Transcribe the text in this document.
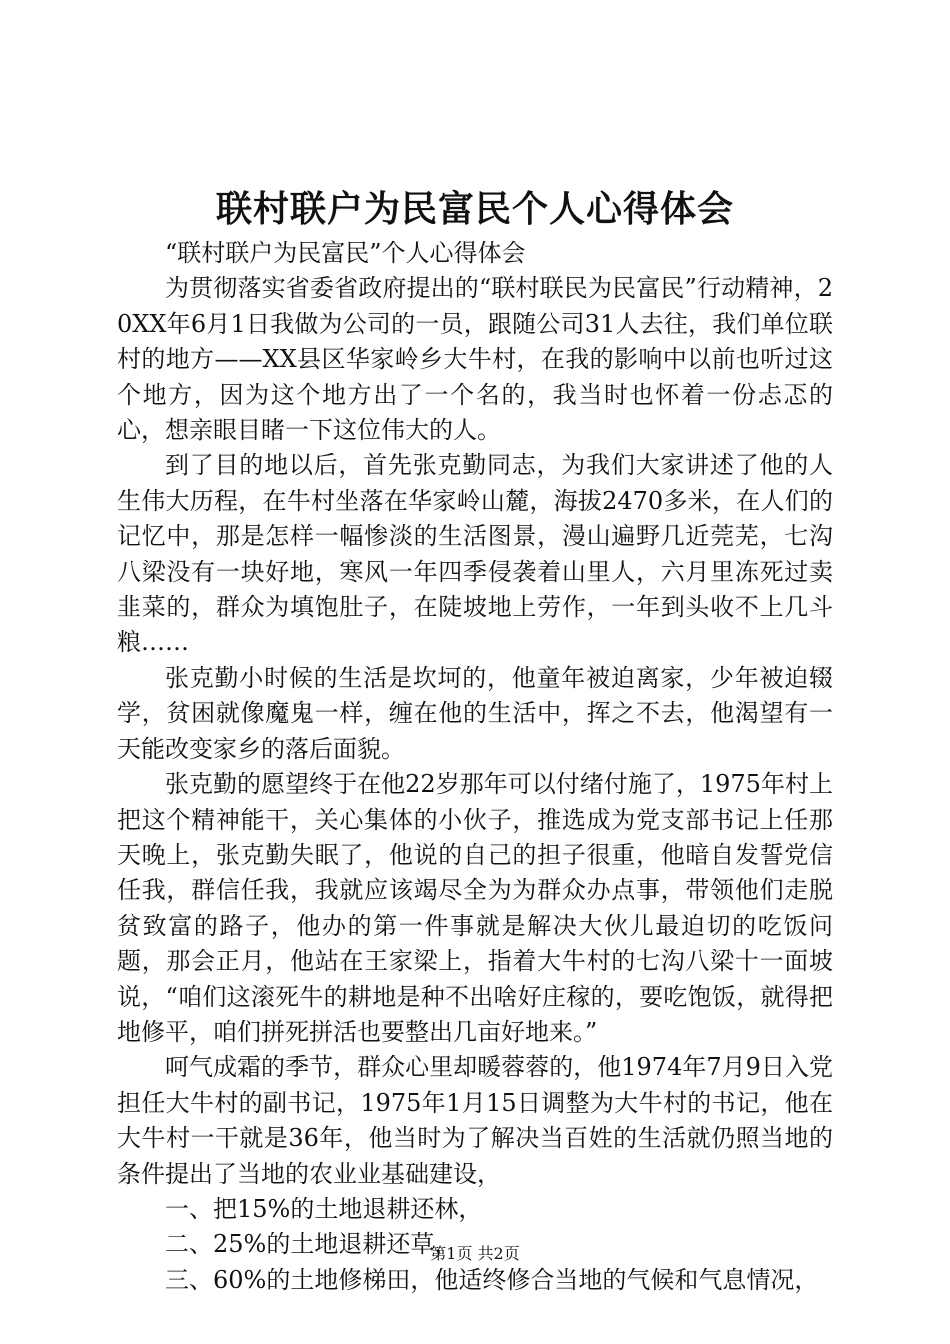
联村联户为民富民个人心得体会

“联村联户为民富民”个人心得体会

为贯彻落实省委省政府提出的“联村联民为民富民”行动精神，20XX年6月1日我做为公司的一员，跟随公司31人去往，我们单位联村的地方——XX县区华家岭乡大牛村，在我的影响中以前也听过这个地方，因为这个地方出了一个名的，我当时也怀着一份忐忑的心，想亲眼目睹一下这位伟大的人。

到了目的地以后，首先张克勤同志，为我们大家讲述了他的人生伟大历程，在牛村坐落在华家岭山麓，海拔2470多米，在人们的记忆中，那是怎样一幅惨淡的生活图景，漫山遍野几近莞芜，七沟八梁没有一块好地，寒风一年四季侵袭着山里人，六月里冻死过卖韭菜的，群众为填饱肚子，在陡坡地上劳作，一年到头收不上几斗粮……

张克勤小时候的生活是坎坷的，他童年被迫离家，少年被迫辍学，贫困就像魔鬼一样，缠在他的生活中，挥之不去，他渴望有一天能改变家乡的落后面貌。

张克勤的愿望终于在他22岁那年可以付绪付施了，1975年村上把这个精神能干，关心集体的小伙子，推选成为党支部书记上任那天晚上，张克勤失眠了，他说的自己的担子很重，他暗自发誓党信任我，群信任我，我就应该竭尽全为为群众办点事，带领他们走脱贫致富的路子，他办的第一件事就是解决大伙儿最迫切的吃饭问题，那会正月，他站在王家梁上，指着大牛村的七沟八梁十一面坡说，“咱们这滚死牛的耕地是种不出啥好庄稼的，要吃饱饭，就得把地修平，咱们拼死拼活也要整出几亩好地来。”

呵气成霜的季节，群众心里却暖蓉蓉的，他1974年7月9日入党担任大牛村的副书记，1975年1月15日调整为大牛村的书记，他在大牛村一干就是36年，他当时为了解决当百姓的生活就仍照当地的条件提出了当地的农业业基础建设，

一、把15%的土地退耕还林，

二、25%的土地退耕还草，

三、60%的土地修梯田，他适终修合当地的气候和气息情况，

第1页 共2页
